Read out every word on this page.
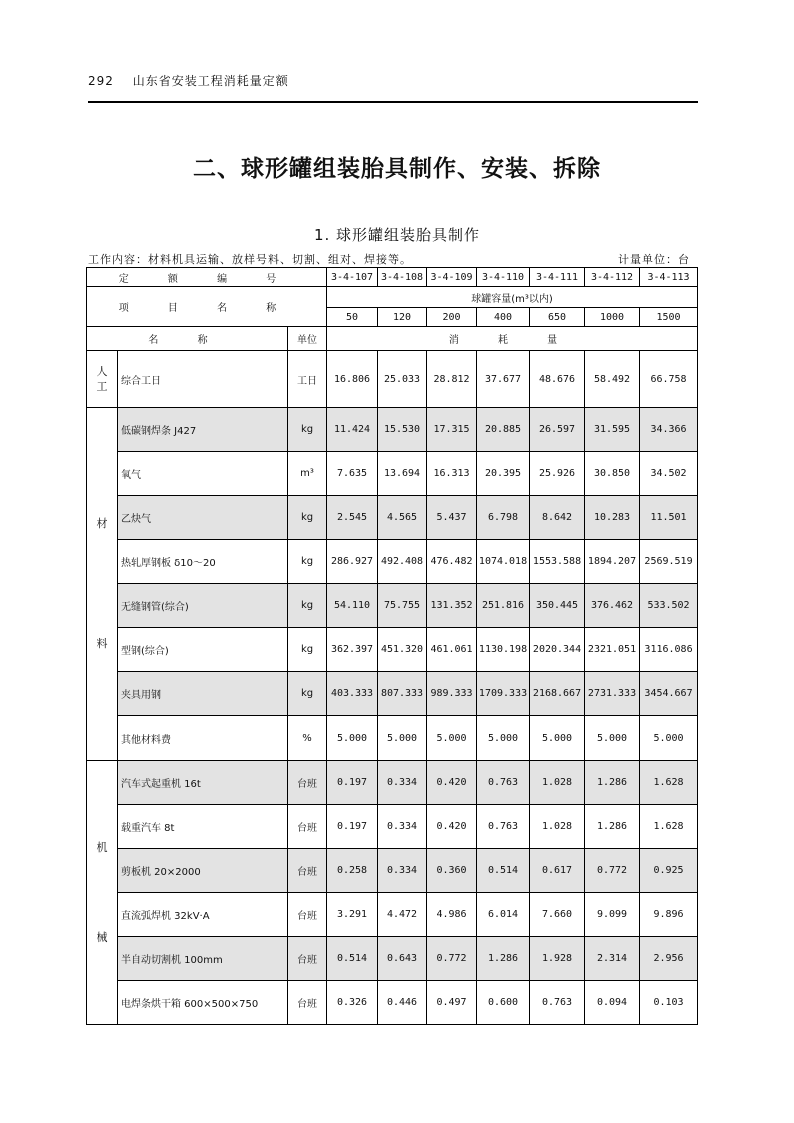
292 山东省安装工程消耗量定额
二、球形罐组装胎具制作、安装、拆除
1. 球形罐组装胎具制作
工作内容：材料机具运输、放样号料、切割、组对、焊接等。	计量单位：台
定 额 编 号			3-4-107	3-4-108	3-4-109	3-4-110	3-4-111	3-4-112	3-4-113
项 目 名 称			球罐容量(m³以内)						
			50	120	200	400	650	1000	1500
名 称		单位	消 耗 量						

人
工	综合工日	工日	16.806	25.033	28.812	37.677	48.676	58.492	66.758

材
料	低碳钢焊条 J427	kg	11.424	15.530	17.315	20.885	26.597	31.595	34.366
	氧气	m³	7.635	13.694	16.313	20.395	25.926	30.850	34.502
	乙炔气	kg	2.545	4.565	5.437	6.798	8.642	10.283	11.501
	热轧厚钢板 δ10～20	kg	286.927	492.408	476.482	1074.018	1553.588	1894.207	2569.519
	无缝钢管(综合)	kg	54.110	75.755	131.352	251.816	350.445	376.462	533.502
	型钢(综合)	kg	362.397	451.320	461.061	1130.198	2020.344	2321.051	3116.086
	夹具用钢	kg	403.333	807.333	989.333	1709.333	2168.667	2731.333	3454.667
	其他材料费	%	5.000	5.000	5.000	5.000	5.000	5.000	5.000

机
械	汽车式起重机 16t	台班	0.197	0.334	0.420	0.763	1.028	1.286	1.628
	载重汽车 8t	台班	0.197	0.334	0.420	0.763	1.028	1.286	1.628
	剪板机 20×2000	台班	0.258	0.334	0.360	0.514	0.617	0.772	0.925
	直流弧焊机 32kV·A	台班	3.291	4.472	4.986	6.014	7.660	9.099	9.896
	半自动切割机 100mm	台班	0.514	0.643	0.772	1.286	1.928	2.314	2.956
	电焊条烘干箱 600×500×750	台班	0.326	0.446	0.497	0.600	0.763	0.094	0.103
